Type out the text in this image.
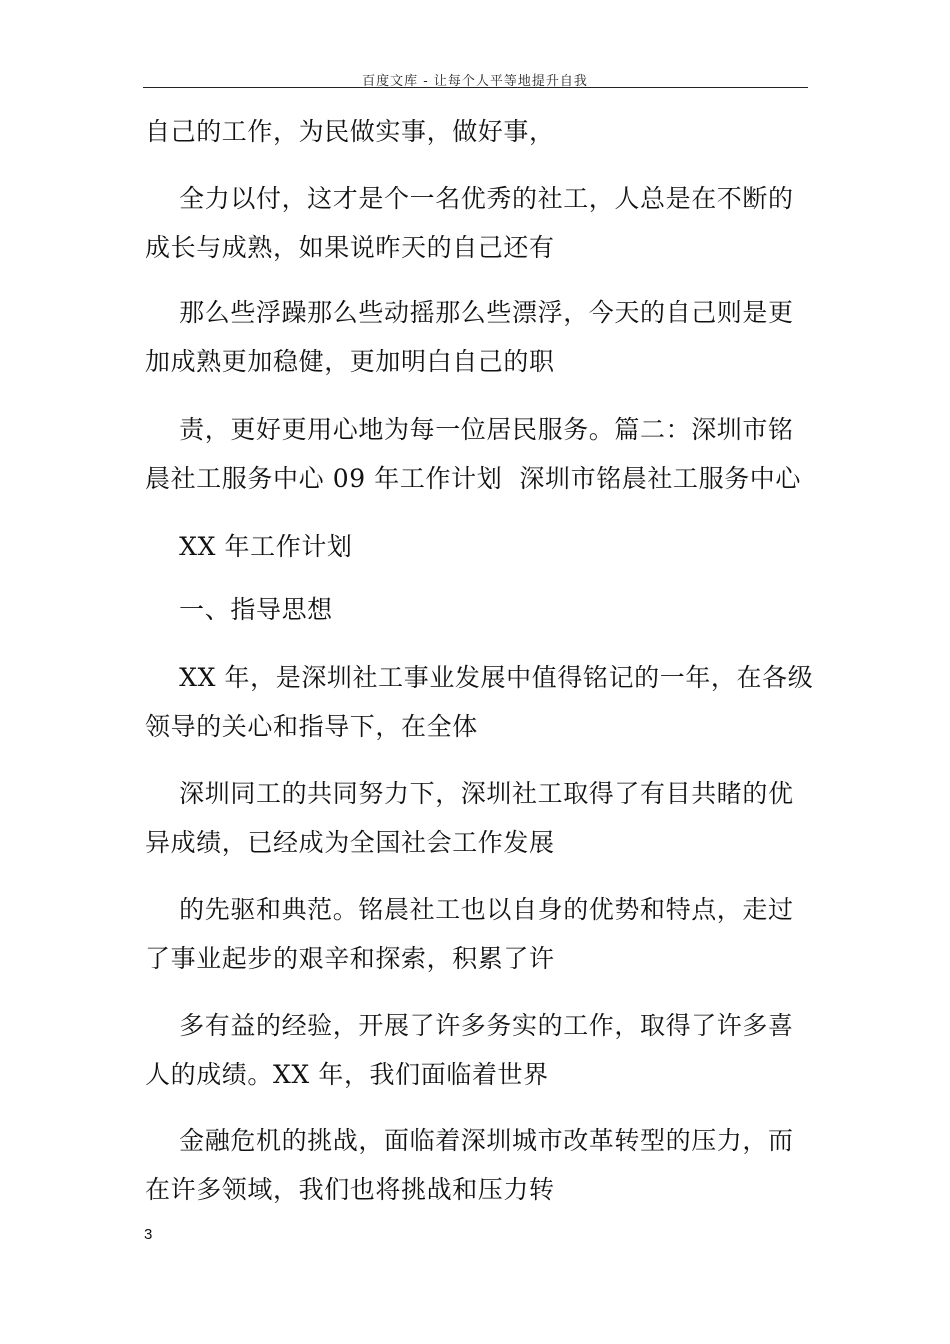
百度文库 - 让每个人平等地提升自我
自己的工作，为民做实事，做好事，
全力以付，这才是个一名优秀的社工，人总是在不断的
成长与成熟，如果说昨天的自己还有
那么些浮躁那么些动摇那么些漂浮，今天的自己则是更
加成熟更加稳健，更加明白自己的职
责，更好更用心地为每一位居民服务。篇二：深圳市铭
晨社工服务中心 09 年工作计划  深圳市铭晨社工服务中心
XX 年工作计划
一、指导思想
XX 年，是深圳社工事业发展中值得铭记的一年，在各级
领导的关心和指导下，在全体
深圳同工的共同努力下，深圳社工取得了有目共睹的优
异成绩，已经成为全国社会工作发展
的先驱和典范。铭晨社工也以自身的优势和特点，走过
了事业起步的艰辛和探索，积累了许
多有益的经验，开展了许多务实的工作，取得了许多喜
人的成绩。XX 年，我们面临着世界
金融危机的挑战，面临着深圳城市改革转型的压力，而
在许多领域，我们也将挑战和压力转
3
